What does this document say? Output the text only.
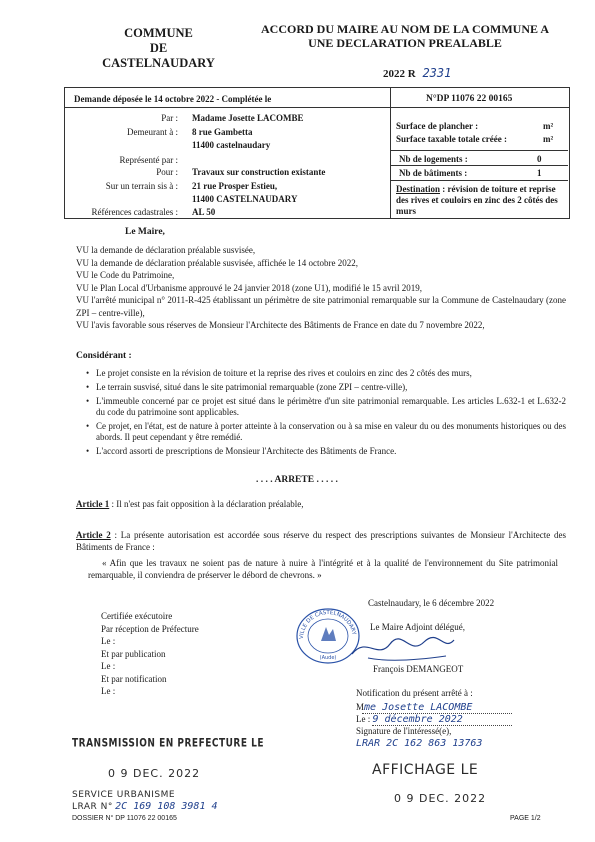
COMMUNE
DE
CASTELNAUDARY
ACCORD DU MAIRE AU NOM DE LA COMMUNE A
UNE DECLARATION PREALABLE
2022 R 2331
Demande déposée le 14 octobre 2022 - Complétée le	N°DP 11076 22 00165
Par : Madame Josette LACOMBE
Demeurant à : 8 rue Gambetta
11400 castelnaudary
Représenté par :
Pour : Travaux sur construction existante
Sur un terrain sis à : 21 rue Prosper Estieu,
11400 CASTELNAUDARY
Références cadastrales : AL 50
Surface de plancher :	m²
Surface taxable totale créée :	m²
Nb de logements :	0
Nb de bâtiments :	1
Destination : révision de toiture et reprise des rives et couloirs en zinc des 2 côtés des murs
Le Maire,
VU la demande de déclaration préalable susvisée,
VU la demande de déclaration préalable susvisée, affichée le 14 octobre 2022,
VU le Code du Patrimoine,
VU le Plan Local d'Urbanisme approuvé le 24 janvier 2018 (zone U1), modifié le 15 avril 2019,
VU l'arrêté municipal n° 2011-R-425 établissant un périmètre de site patrimonial remarquable sur la Commune de Castelnaudary (zone ZPI – centre-ville),
VU l'avis favorable sous réserves de Monsieur l'Architecte des Bâtiments de France en date du 7 novembre 2022,
Considérant :
• Le projet consiste en la révision de toiture et la reprise des rives et couloirs en zinc des 2 côtés des murs,
• Le terrain susvisé, situé dans le site patrimonial remarquable (zone ZPI – centre-ville),
• L'immeuble concerné par ce projet est situé dans le périmètre d'un site patrimonial remarquable. Les articles L.632-1 et L.632-2 du code du patrimoine sont applicables.
• Ce projet, en l'état, est de nature à porter atteinte à la conservation ou à sa mise en valeur du ou des monuments historiques ou des abords. Il peut cependant y être remédié.
• L'accord assorti de prescriptions de Monsieur l'Architecte des Bâtiments de France.
. . . . ARRETE . . . . .
Article 1 : Il n'est pas fait opposition à la déclaration préalable,
Article 2 : La présente autorisation est accordée sous réserve du respect des prescriptions suivantes de Monsieur l'Architecte des Bâtiments de France :
« Afin que les travaux ne soient pas de nature à nuire à l'intégrité et à la qualité de l'environnement du Site patrimonial remarquable, il conviendra de préserver le débord de chevrons. »
Certifiée exécutoire
Par réception de Préfecture
Le :
Et par publication
Le :
Et par notification
Le :
Castelnaudary, le 6 décembre 2022
Le Maire Adjoint délégué,
VILLE DE CASTELNAUDARY
(Aude)
François DEMANGEOT
Notification du présent arrêté à :
Mme Josette LACOMBE
Le : 9 décembre 2022
Signature de l'intéressé(e),
LRAR 2C 162 863 13763
TRANSMISSION EN PREFECTURE LE
0 9 DEC. 2022	AFFICHAGE LE
0 9 DEC. 2022
SERVICE URBANISME
LRAR N° 2C 169 108 3981 4
DOSSIER N° DP 11076 22 00165	PAGE 1/2
